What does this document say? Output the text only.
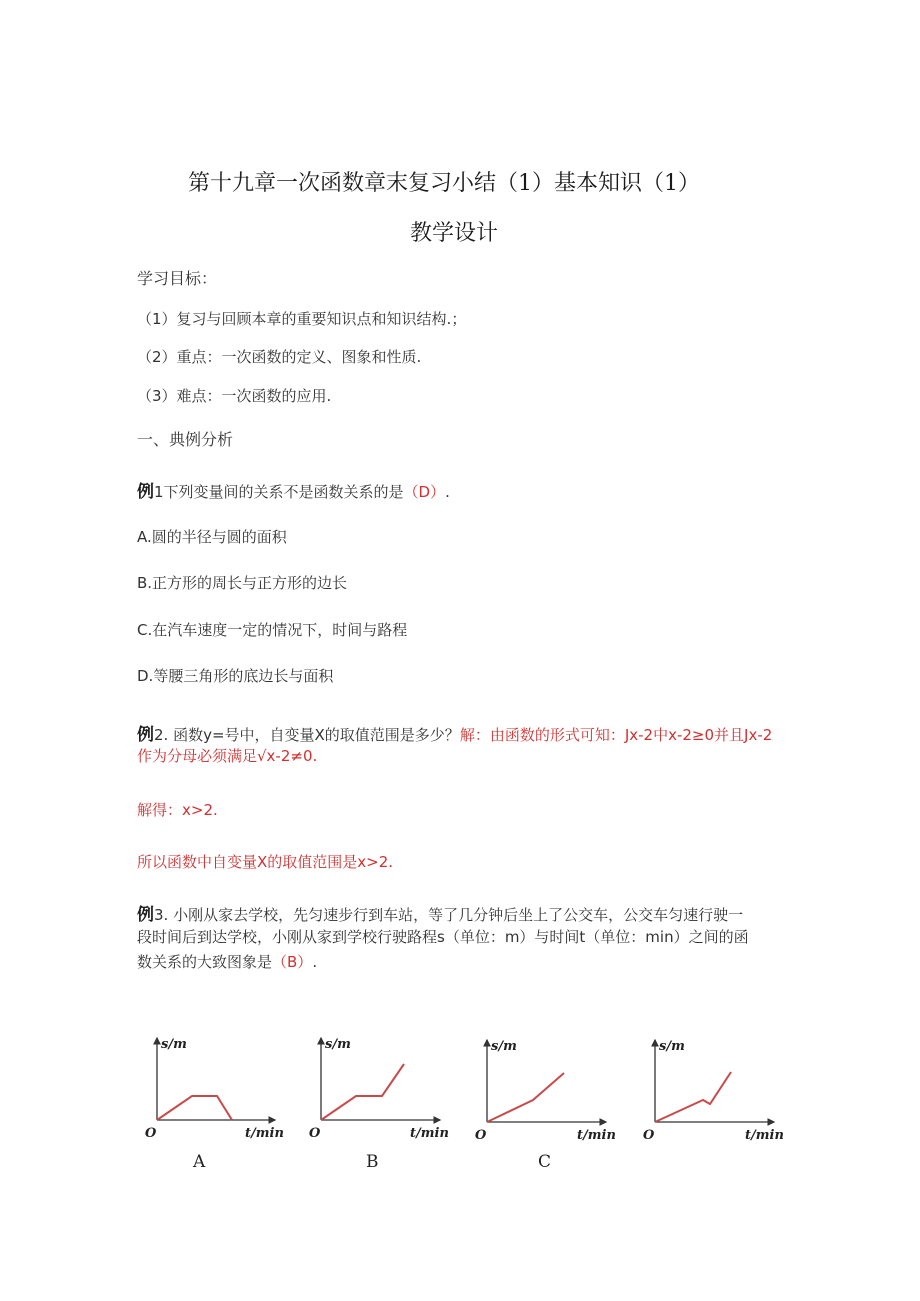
第十九章一次函数章末复习小结（1）基本知识（1）
教学设计
学习目标：
（1）复习与回顾本章的重要知识点和知识结构.；
（2）重点：一次函数的定义、图象和性质.
（3）难点：一次函数的应用.
一、典例分析
例1下列变量间的关系不是函数关系的是（D）.
A.圆的半径与圆的面积
B.正方形的周长与正方形的边长
C.在汽车速度一定的情况下，时间与路程
D.等腰三角形的底边长与面积
例2. 函数y=号中，自变量X的取值范围是多少？解：由函数的形式可知：Jx-2中x-2≥0并且Jx-2
作为分母必须满足√x-2≠0.
解得：x>2.
所以函数中自变量X的取值范围是x>2.
例3. 小刚从家去学校，先匀速步行到车站，等了几分钟后坐上了公交车，公交车匀速行驶一
段时间后到达学校，小刚从家到学校行驶路程s（单位：m）与时间t（单位：min）之间的函
数关系的大致图象是（B）.
s/m
t/min
O
A
s/m
t/min
O
B
s/m
t/min
O
C
s/m
t/min
O
